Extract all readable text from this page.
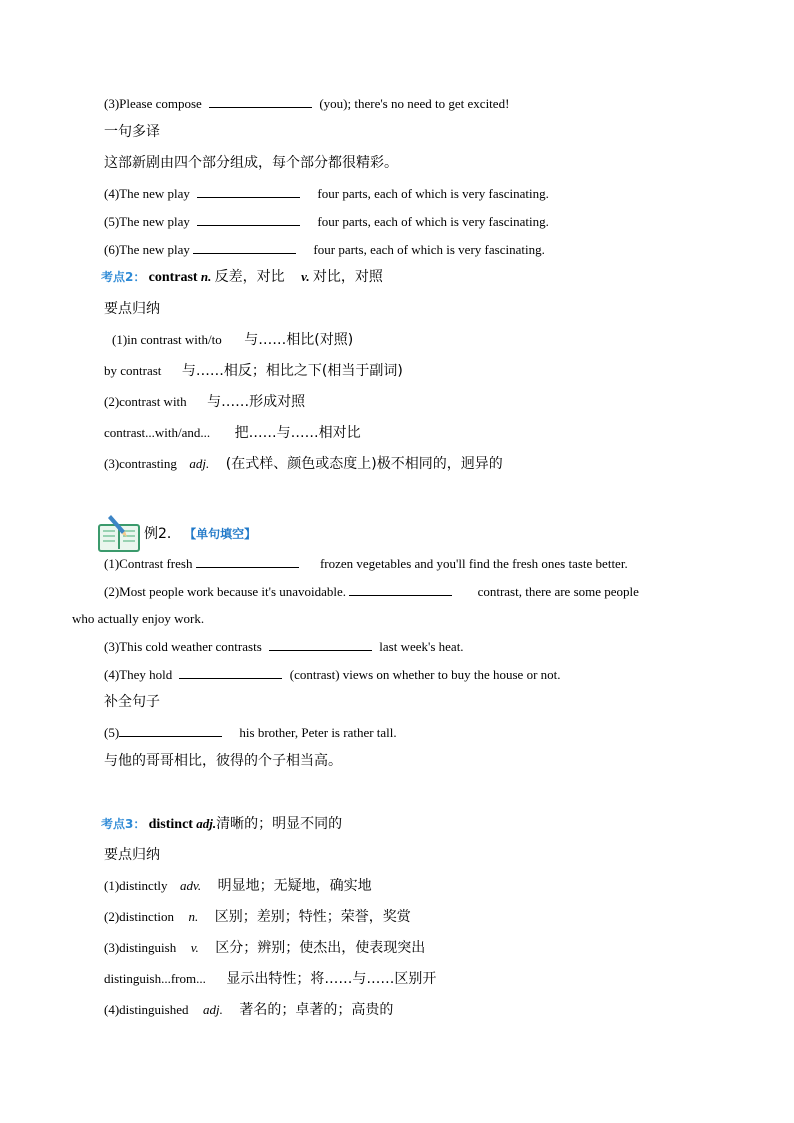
(3)Please compose	(you); there's no need to get excited!
一句多译
这部新剧由四个部分组成，每个部分都很精彩。
(4)The new play	four parts, each of which is very fascinating.
(5)The new play	four parts, each of which is very fascinating.
(6)The new play	four parts, each of which is very fascinating.
考点2： contrast n. 反差，对比 v. 对比，对照
要点归纳
(1)in contrast with/to 与……相比(对照)
by contrast 与……相反；相比之下(相当于副词)
(2)contrast with 与……形成对照
contrast...with/and... 把……与……相对比
(3)contrasting adj. (在式样、颜色或态度上)极不相同的，迥异的
例2． 【单句填空】
(1)Contrast fresh	frozen vegetables and you'll find the fresh ones taste better.
(2)Most people work because it's unavoidable.	contrast, there are some people
who actually enjoy work.
(3)This cold weather contrasts	last week's heat.
(4)They hold	(contrast) views on whether to buy the house or not.
补全句子
(5)	his brother, Peter is rather tall.
与他的哥哥相比，彼得的个子相当高。
考点3： distinct adj.清晰的；明显不同的
要点归纳
(1)distinctly adv. 明显地；无疑地，确实地
(2)distinction n. 区别；差别；特性；荣誉，奖赏
(3)distinguish v. 区分；辨别；使杰出，使表现突出
distinguish...from... 显示出特性；将……与……区别开
(4)distinguished adj. 著名的；卓著的；高贵的
